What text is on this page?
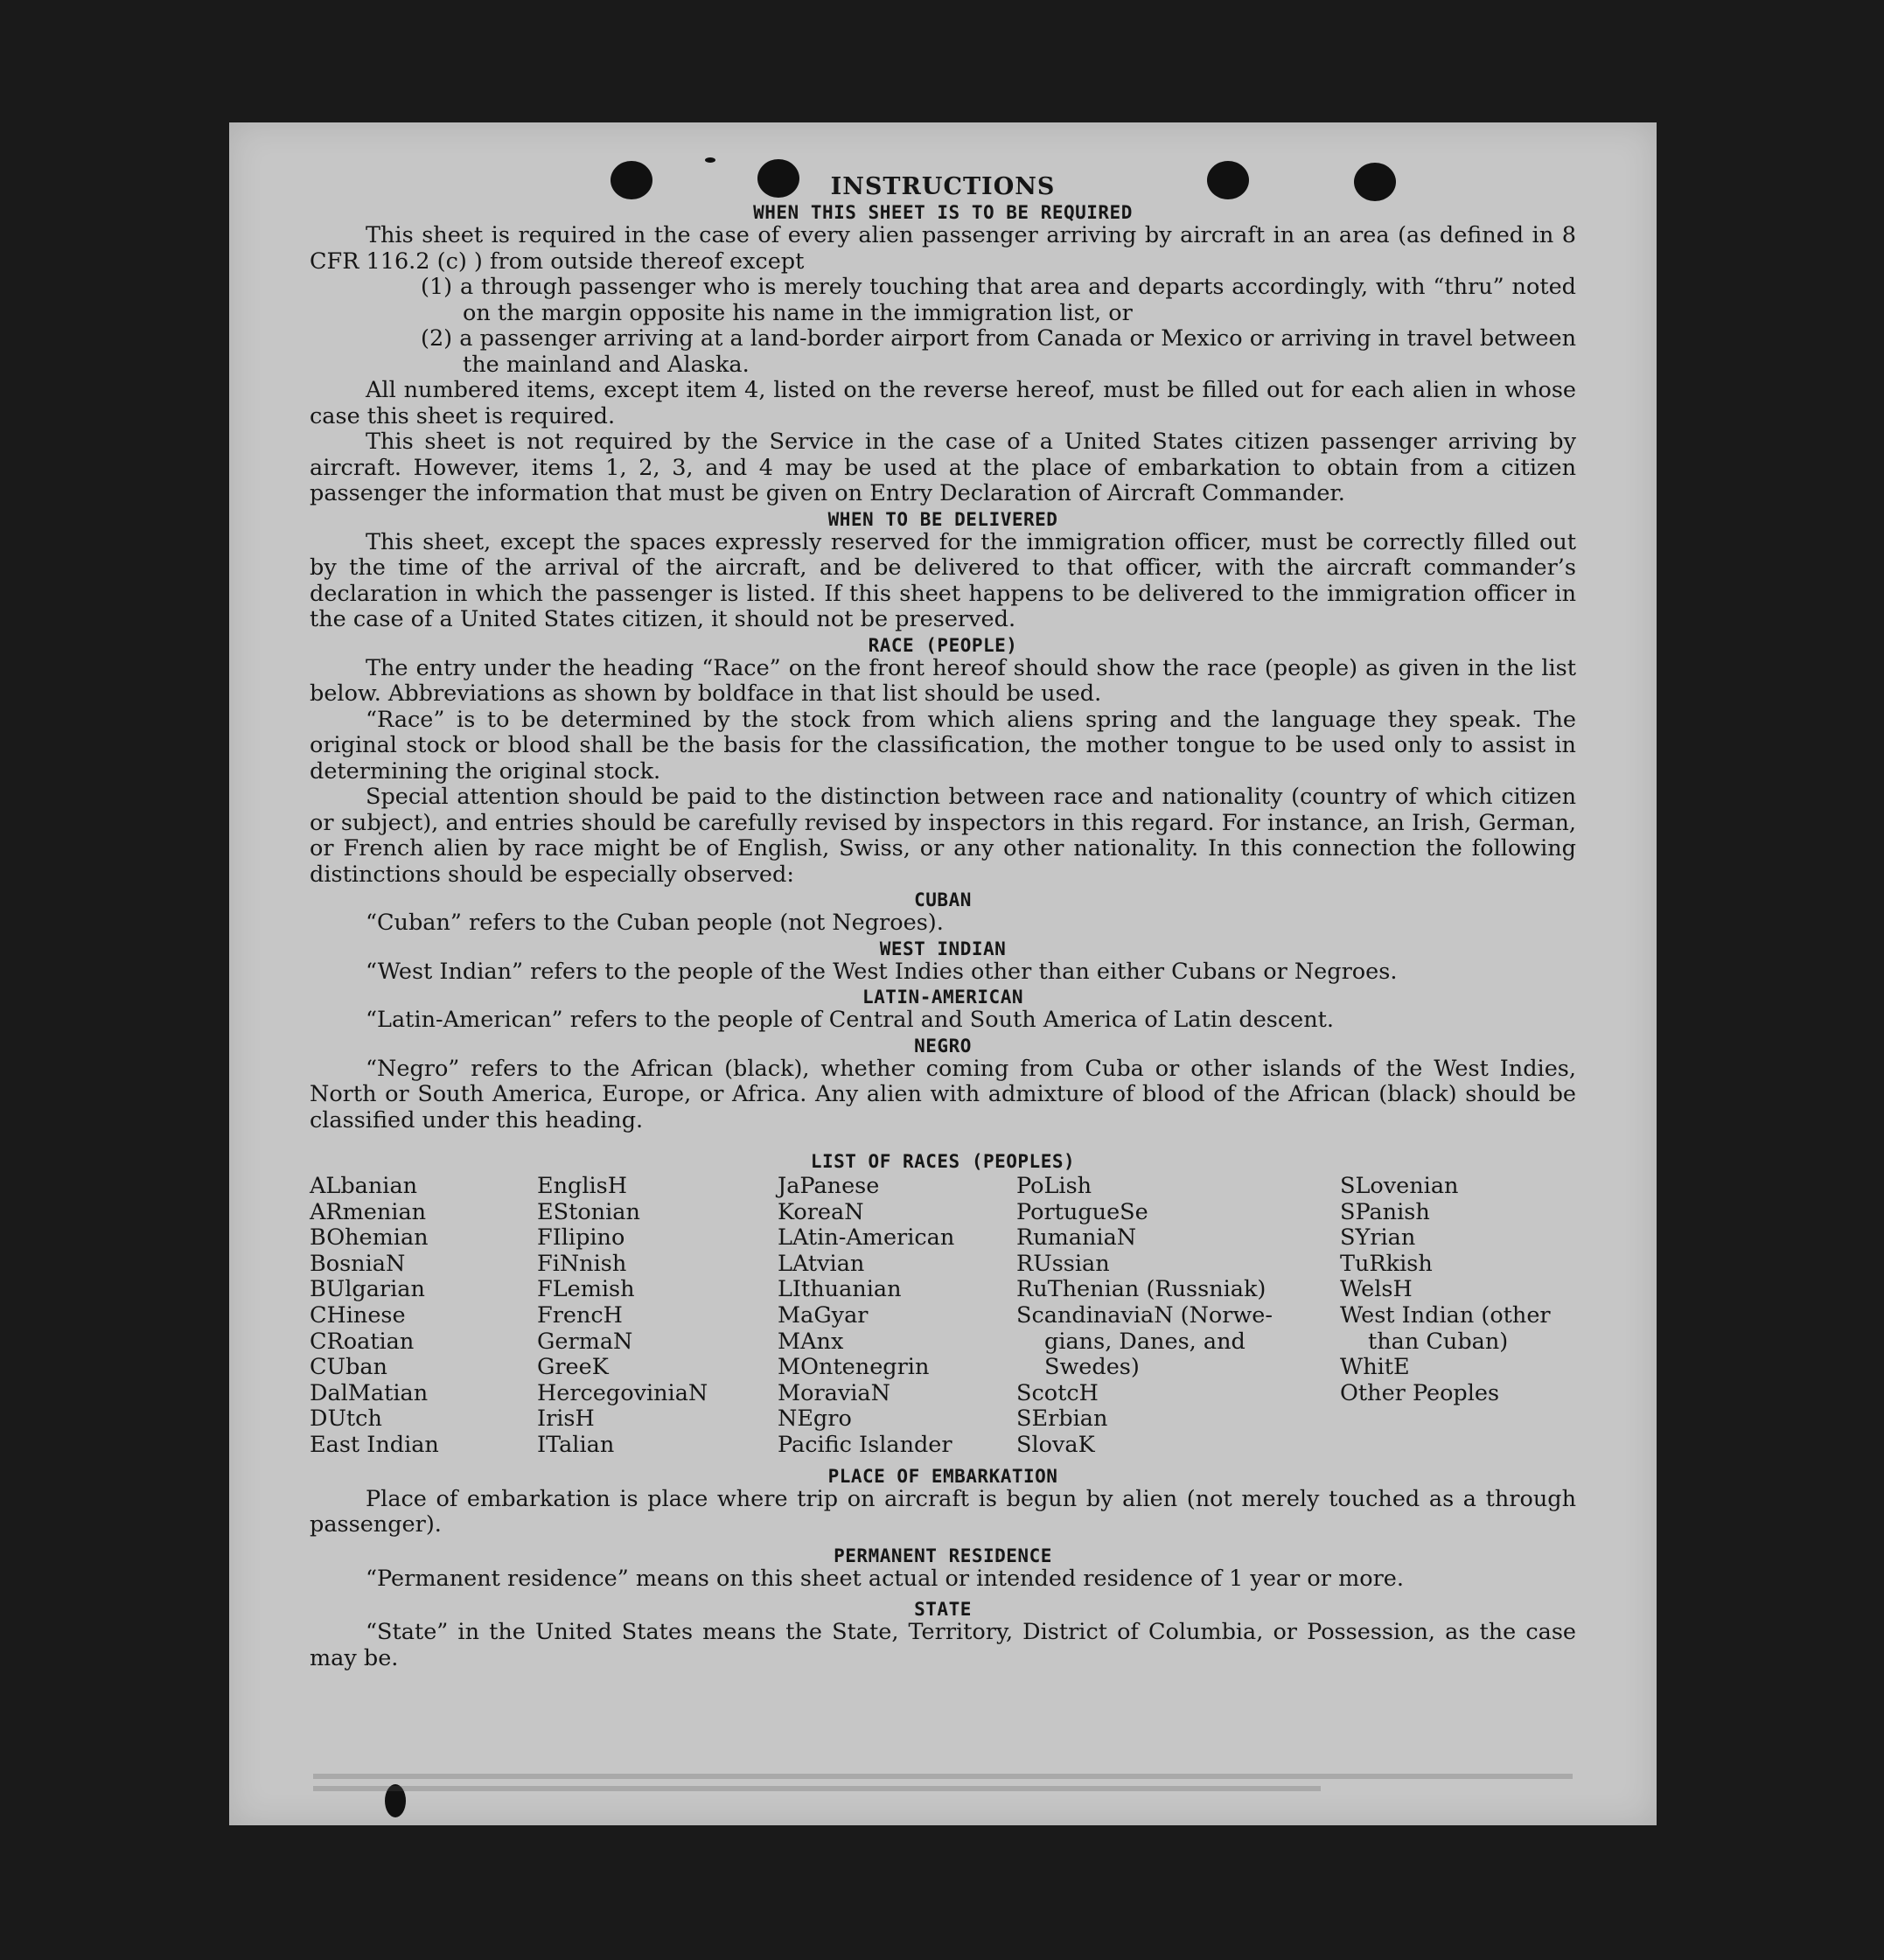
INSTRUCTIONS

WHEN THIS SHEET IS TO BE REQUIRED

This sheet is required in the case of every alien passenger arriving by aircraft in an area (as defined in 8 CFR 116.2 (c) ) from outside thereof except

(1) a through passenger who is merely touching that area and departs accordingly, with “thru” noted on the margin opposite his name in the immigration list, or

(2) a passenger arriving at a land-border airport from Canada or Mexico or arriving in travel between the mainland and Alaska.

All numbered items, except item 4, listed on the reverse hereof, must be filled out for each alien in whose case this sheet is required.

This sheet is not required by the Service in the case of a United States citizen passenger arriving by aircraft. However, items 1, 2, 3, and 4 may be used at the place of embarkation to obtain from a citizen passenger the information that must be given on Entry Declaration of Aircraft Commander.

WHEN TO BE DELIVERED

This sheet, except the spaces expressly reserved for the immigration officer, must be correctly filled out by the time of the arrival of the aircraft, and be delivered to that officer, with the aircraft commander’s declaration in which the passenger is listed. If this sheet happens to be delivered to the immigration officer in the case of a United States citizen, it should not be preserved.

RACE (PEOPLE)

The entry under the heading “Race” on the front hereof should show the race (people) as given in the list below. Abbreviations as shown by boldface in that list should be used.

“Race” is to be determined by the stock from which aliens spring and the language they speak. The original stock or blood shall be the basis for the classification, the mother tongue to be used only to assist in determining the original stock.

Special attention should be paid to the distinction between race and nationality (country of which citizen or subject), and entries should be carefully revised by inspectors in this regard. For instance, an Irish, German, or French alien by race might be of English, Swiss, or any other nationality. In this connection the following distinctions should be especially observed:

CUBAN

“Cuban” refers to the Cuban people (not Negroes).

WEST INDIAN

“West Indian” refers to the people of the West Indies other than either Cubans or Negroes.

LATIN-AMERICAN

“Latin-American” refers to the people of Central and South America of Latin descent.

NEGRO

“Negro” refers to the African (black), whether coming from Cuba or other islands of the West Indies, North or South America, Europe, or Africa. Any alien with admixture of blood of the African (black) should be classified under this heading.

LIST OF RACES (PEOPLES)

ALbanian
ARmenian
BOhemian
BosniaN
BUlgarian
CHinese
CRoatian
CUban
DalMatian
DUtch
East Indian
EnglisH
EStonian
FIlipino
FiNnish
FLemish
FrencH
GermaN
GreeK
HercegoviniaN
IrisH
ITalian
JaPanese
KoreaN
LAtin-American
LAtvian
LIthuanian
MaGyar
MAnx
MOntenegrin
MoraviaN
NEgro
Pacific Islander
PoLish
PortugueSe
RumaniaN
RUssian
RuThenian (Russniak)
ScandinaviaN (Norwe-
gians, Danes, and
Swedes)
ScotcH
SErbian
SlovaK
SLovenian
SPanish
SYrian
TuRkish
WelsH
West Indian (other
than Cuban)
WhitE
Other Peoples

PLACE OF EMBARKATION

Place of embarkation is place where trip on aircraft is begun by alien (not merely touched as a through passenger).

PERMANENT RESIDENCE

“Permanent residence” means on this sheet actual or intended residence of 1 year or more.

STATE

“State” in the United States means the State, Territory, District of Columbia, or Possession, as the case may be.
